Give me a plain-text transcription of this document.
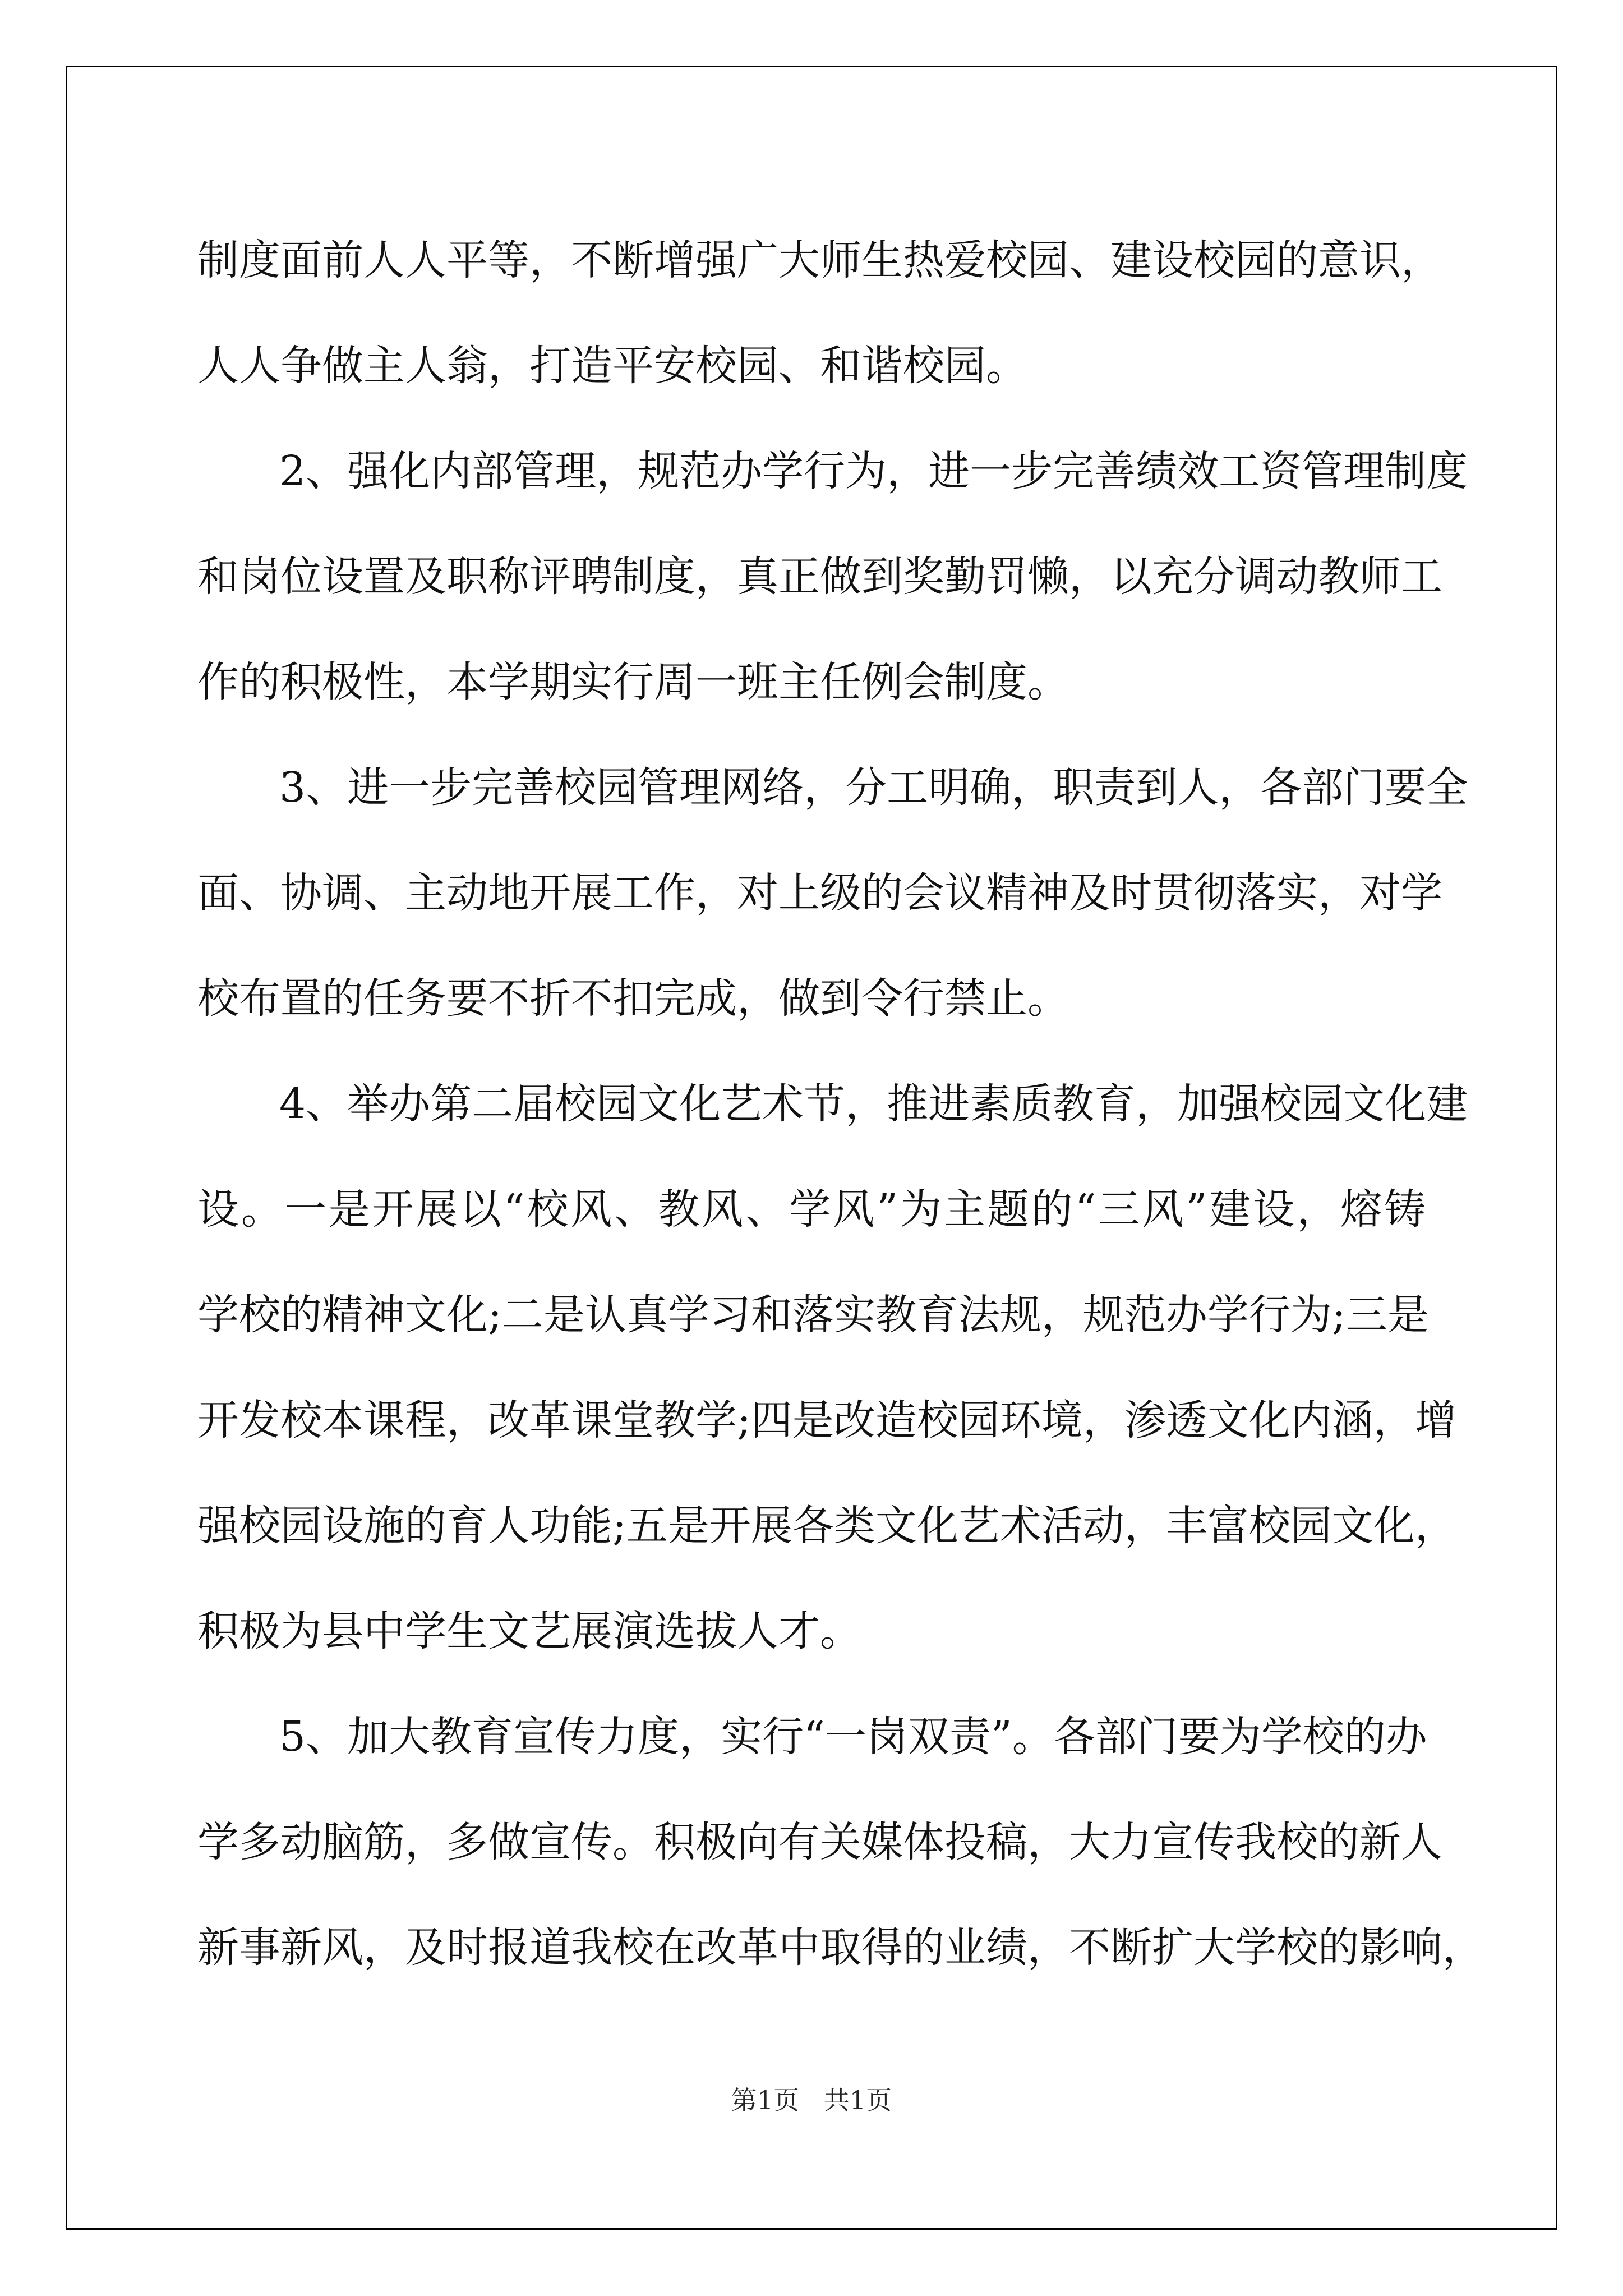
制度面前人人平等，不断增强广大师生热爱校园、建设校园的意识，
人人争做主人翁，打造平安校园、和谐校园。
2、强化内部管理，规范办学行为，进一步完善绩效工资管理制度
和岗位设置及职称评聘制度，真正做到奖勤罚懒，以充分调动教师工
作的积极性，本学期实行周一班主任例会制度。
3、进一步完善校园管理网络，分工明确，职责到人，各部门要全
面、协调、主动地开展工作，对上级的会议精神及时贯彻落实，对学
校布置的任务要不折不扣完成，做到令行禁止。
4、举办第二届校园文化艺术节，推进素质教育，加强校园文化建
设。一是开展以“校风、教风、学风”为主题的“三风”建设，熔铸
学校的精神文化;二是认真学习和落实教育法规，规范办学行为;三是
开发校本课程，改革课堂教学;四是改造校园环境，渗透文化内涵，增
强校园设施的育人功能;五是开展各类文化艺术活动，丰富校园文化，
积极为县中学生文艺展演选拔人才。
5、加大教育宣传力度，实行“一岗双责”。各部门要为学校的办
学多动脑筋，多做宣传。积极向有关媒体投稿，大力宣传我校的新人
新事新风，及时报道我校在改革中取得的业绩，不断扩大学校的影响，
第1页   共1页
